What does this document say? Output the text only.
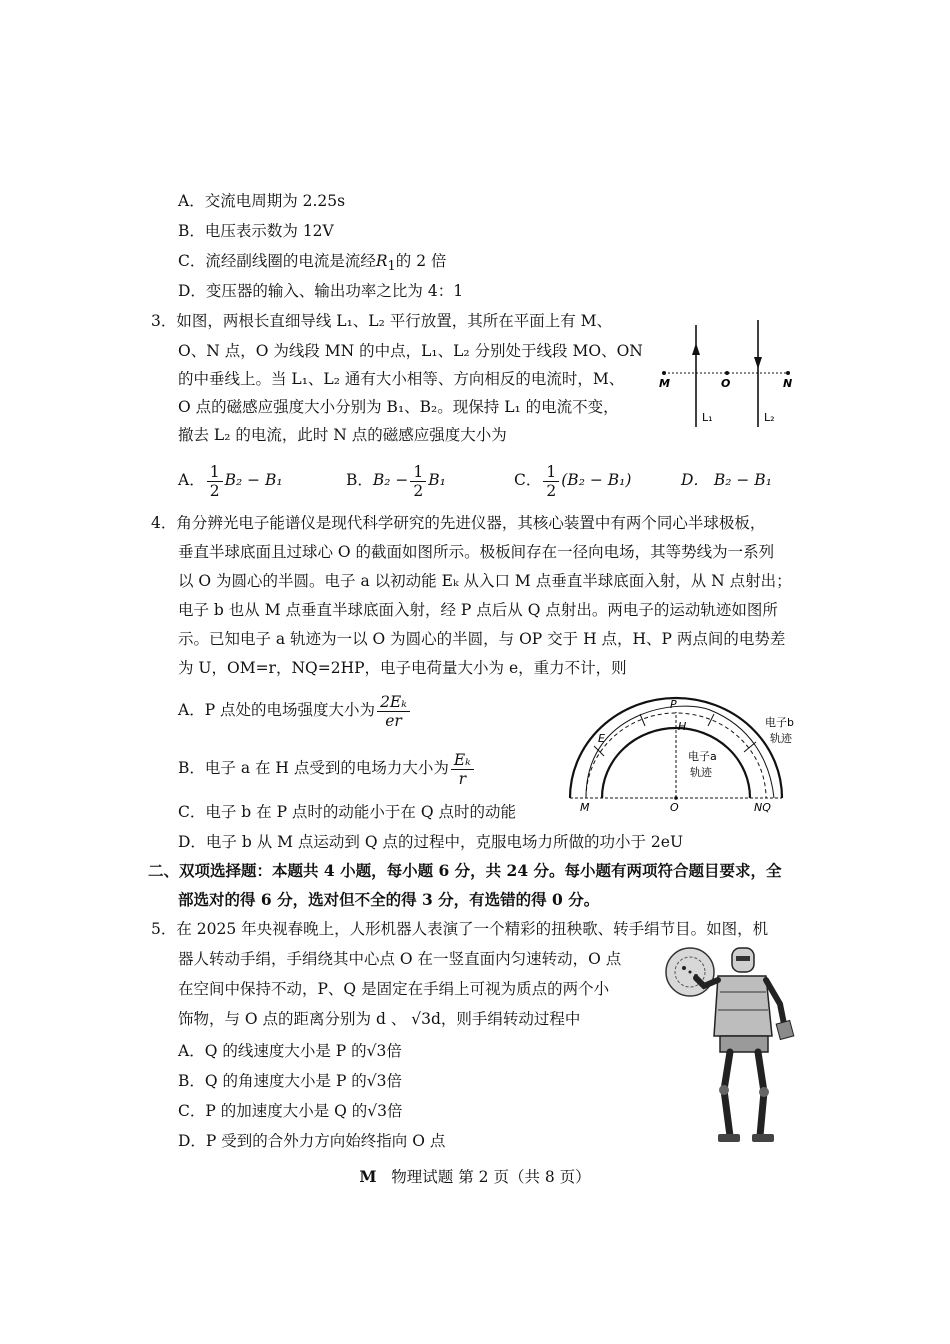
A．交流电周期为 2.25s
B．电压表示数为 12V
C．流经副线圈的电流是流经$R_1$的 2 倍
D．变压器的输入、输出功率之比为 4：1
3．如图，两根长直细导线 L₁、L₂ 平行放置，其所在平面上有 M、
O、N 点，O 为线段 MN 的中点，L₁、L₂ 分别处于线段 MO、ON
的中垂线上。当 L₁、L₂ 通有大小相等、方向相反的电流时，M、
O 点的磁感应强度大小分别为 B₁、B₂。现保持 L₁ 的电流不变，
撤去 L₂ 的电流，此时 N 点的磁感应强度大小为
M	O	N
L₁	L₂
A． $\frac{1}{2} B_2 - B_1$	B．$B_2 - \frac{1}{2} B_1$	C． $\frac{1}{2} (B_2 - B_1)$	D． B₂ − B₁
4．角分辨光电子能谱仪是现代科学研究的先进仪器，其核心装置中有两个同心半球极板，
垂直半球底面且过球心 O 的截面如图所示。极板间存在一径向电场，其等势线为一系列
以 O 为圆心的半圆。电子 a 以初动能 Eₖ 从入口 M 点垂直半球底面入射，从 N 点射出；
电子 b 也从 M 点垂直半球底面入射，经 P 点后从 Q 点射出。两电子的运动轨迹如图所
示。已知电子 a 轨迹为一以 O 为圆心的半圆，与 OP 交于 H 点，H、P 两点间的电势差
为 U，OM=r，NQ=2HP，电子电荷量大小为 e，重力不计，则
A．P 点处的电场强度大小为 $\frac{\text{2Eₖ}}{er}$
B．电子 a 在 H 点受到的电场力大小为 $\frac{\text{Eₖ}}{r}$
C．电子 b 在 P 点时的动能小于在 Q 点时的动能
D．电子 b 从 M 点运动到 Q 点的过程中，克服电场力所做的功小于 2eU
P
H
E
M	O	NQ
电子b
轨迹
电子a
轨迹
二、双项选择题：本题共 4 小题，每小题 6 分，共 24 分。每小题有两项符合题目要求，全
部选对的得 6 分，选对但不全的得 3 分，有选错的得 0 分。
5．在 2025 年央视春晚上，人形机器人表演了一个精彩的扭秧歌、转手绢节目。如图，机
器人转动手绢，手绢绕其中心点 O 在一竖直面内匀速转动，O 点
在空间中保持不动，P、Q 是固定在手绢上可视为质点的两个小
饰物，与 O 点的距离分别为 d 、 √3d，则手绢转动过程中
A．Q 的线速度大小是 P 的√3倍
B．Q 的角速度大小是 P 的√3倍
C．P 的加速度大小是 Q 的√3倍
D．P 受到的合外力方向始终指向 O 点
M 物理试题 第 2 页（共 8 页）
